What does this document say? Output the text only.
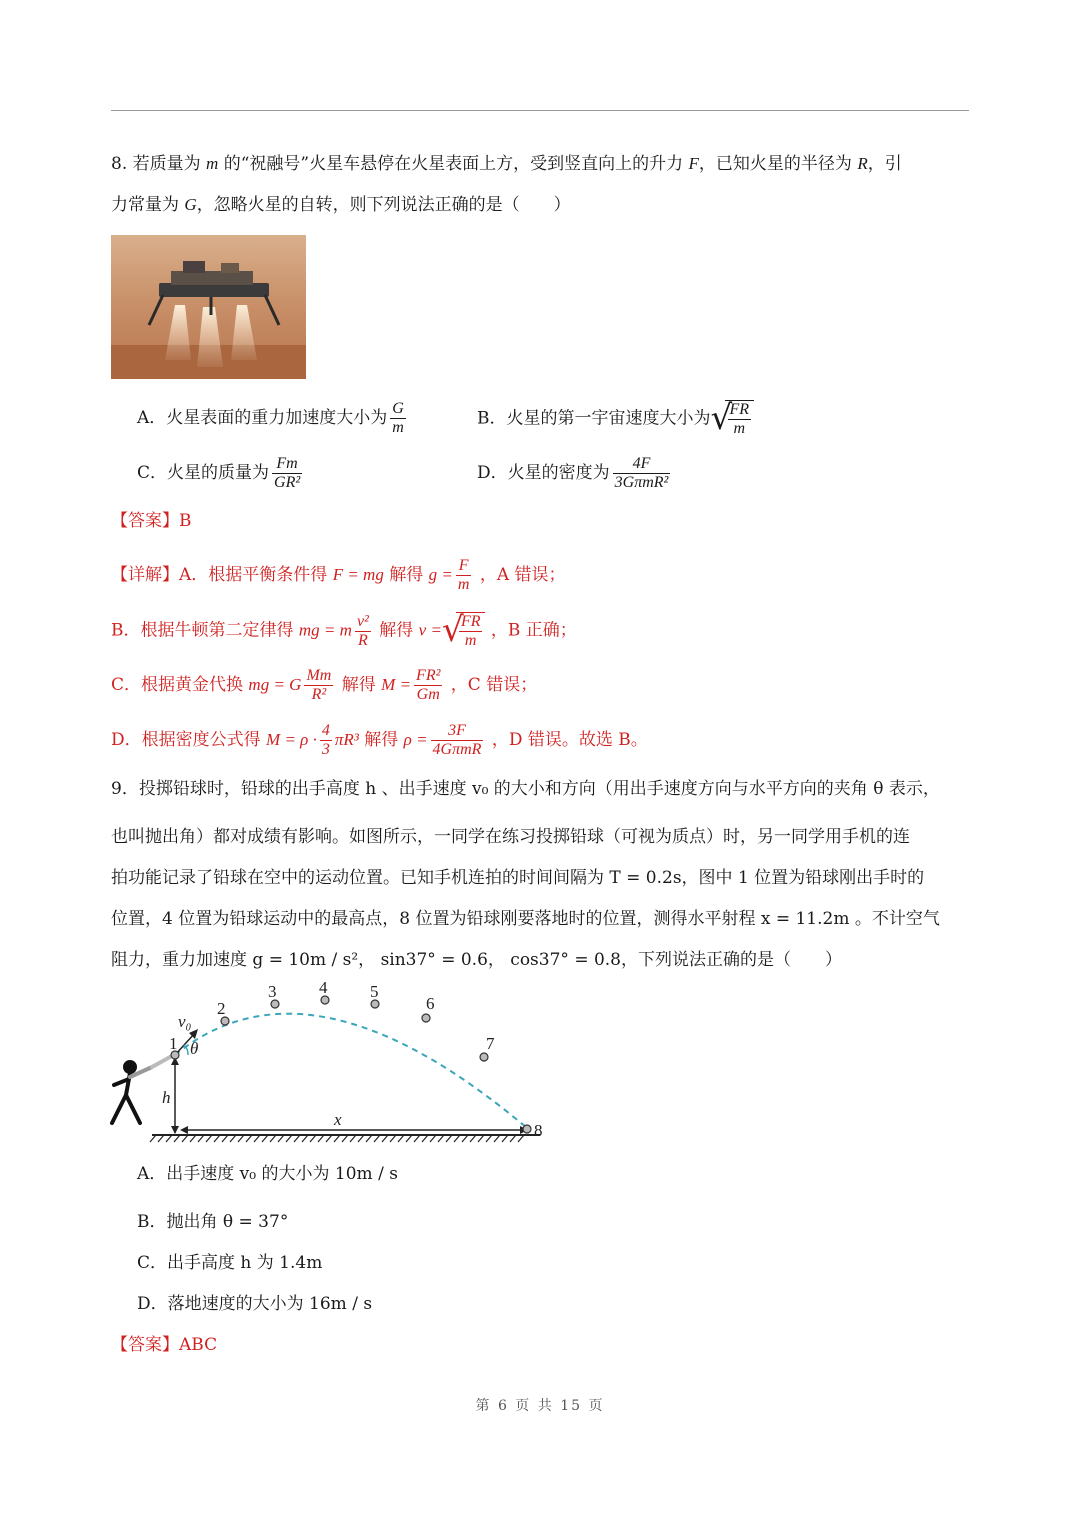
8. 若质量为 m 的“祝融号”火星车悬停在火星表面上方，受到竖直向上的升力 F，已知火星的半径为 R，引
力常量为 G，忽略火星的自转，则下列说法正确的是（　　）
A．火星表面的重力加速度大小为 $\frac{G}{m}$	B．火星的第一宇宙速度大小为 √
$\frac{FR}{m}$
C．火星的质量为 $\frac{Fm}{\text{GR²}}$	D．火星的密度为 $\frac{4F}{\text{3GπmR²}}$
【答案】B
【详解】A．根据平衡条件得 F = mg 解得 $g = \frac{F}{m}$ ，A 错误；
B．根据牛顿第二定律得 mg = m $\frac{\text{v²}}{R}$ 解得 v = √
$\frac{FR}{m}$ ，B 正确；
C．根据黄金代换 mg = G $\frac{Mm}{\text{R²}}$ 解得 $M = \frac{\text{FR²}}{Gm}$ ，C 错误；
D．根据密度公式得 $M = \rho \cdot \frac{4}{3} \pi R^3$ 解得 $\rho = \frac{3F}{\text{4GπmR}}$ ，D 错误。故选 B。
9．投掷铅球时，铅球的出手高度 h 、出手速度 v₀ 的大小和方向（用出手速度方向与水平方向的夹角 θ 表示，
也叫抛出角）都对成绩有影响。如图所示，一同学在练习投掷铅球（可视为质点）时，另一同学用手机的连
拍功能记录了铅球在空中的运动位置。已知手机连拍的时间间隔为 T = 0.2s，图中 1 位置为铅球刚出手时的
位置，4 位置为铅球运动中的最高点，8 位置为铅球刚要落地时的位置，测得水平射程 x = 11.2m 。不计空气
阻力，重力加速度 g = 10m / s²， sin37° = 0.6， cos37° = 0.8，下列说法正确的是（　　）
1
2
3	4	5
6
7
8
v₀
θ
h
x
A．出手速度 v₀ 的大小为 10m / s
B．抛出角 θ = 37°
C．出手高度 h 为 1.4m
D．落地速度的大小为 16m / s
【答案】ABC
第 6 页 共 15 页
